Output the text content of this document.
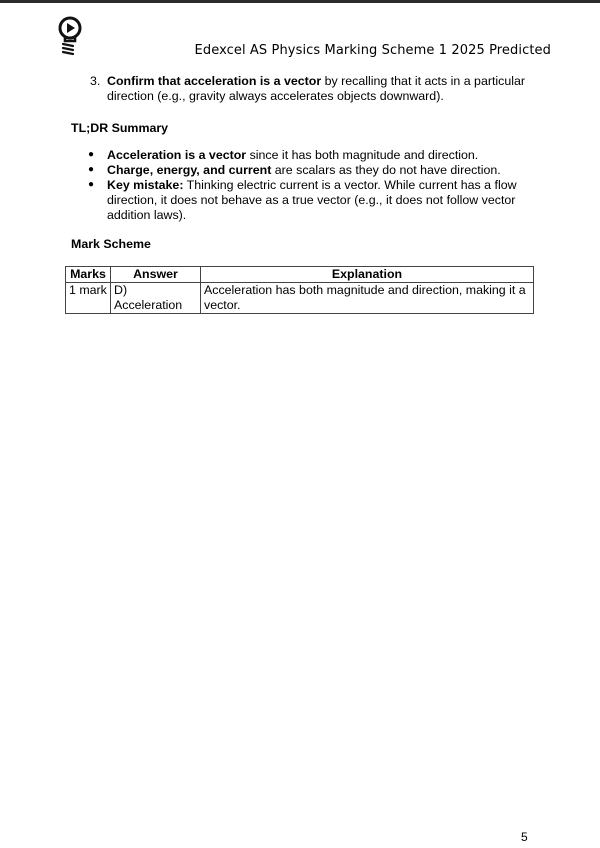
Edexcel AS Physics Marking Scheme 1 2025 Predicted
3. Confirm that acceleration is a vector by recalling that it acts in a particular direction (e.g., gravity always accelerates objects downward).

TL;DR Summary

●	Acceleration is a vector since it has both magnitude and direction.
●	Charge, energy, and current are scalars as they do not have direction.
●	Key mistake: Thinking electric current is a vector. While current has a flow direction, it does not behave as a true vector (e.g., it does not follow vector addition laws).

Mark Scheme

Marks	Answer	Explanation
1 mark	D) Acceleration	Acceleration has both magnitude and direction, making it a vector.
5
